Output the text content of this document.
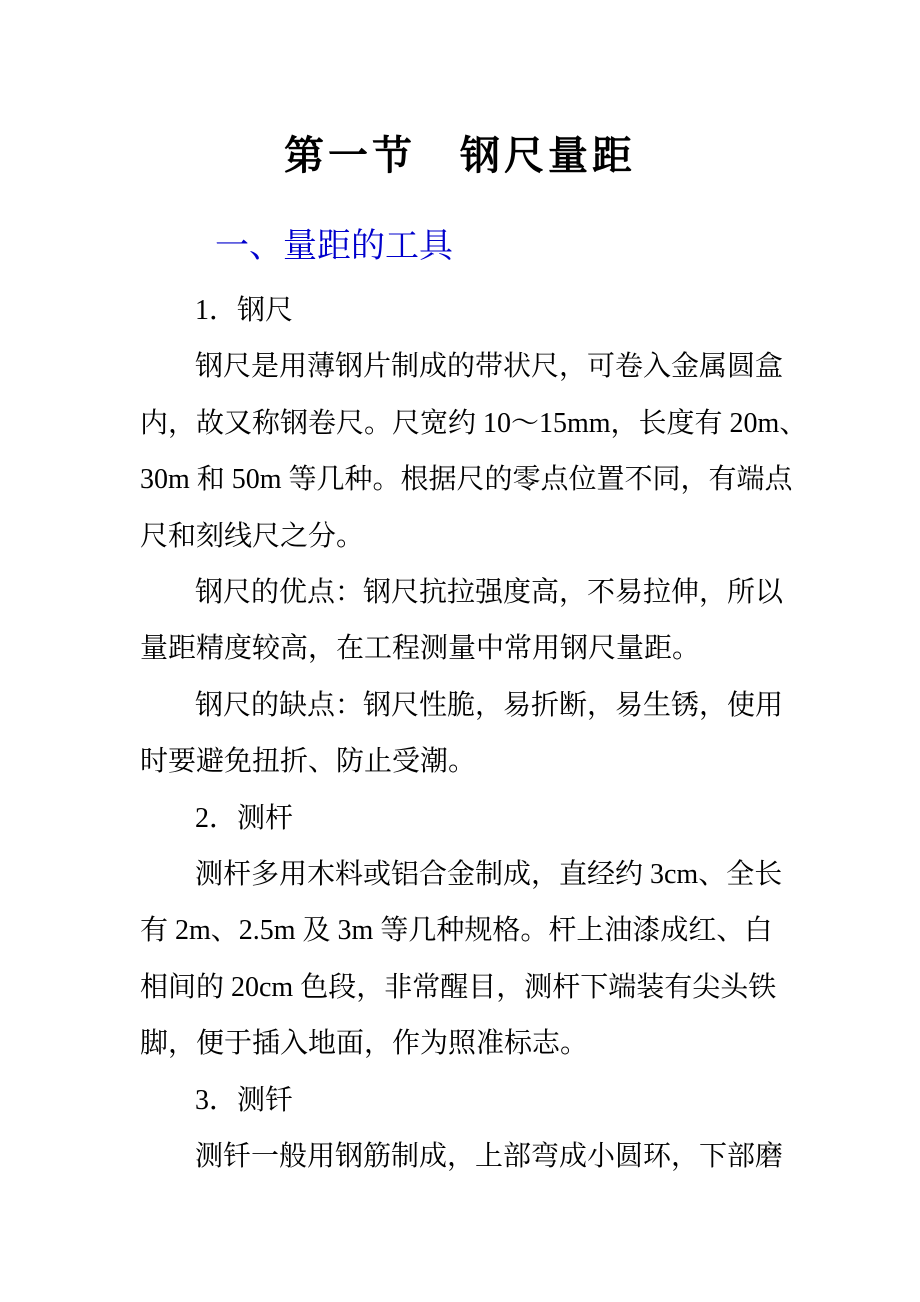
第一节　钢尺量距
一、量距的工具
1．钢尺
钢尺是用薄钢片制成的带状尺，可卷入金属圆盒
内，故又称钢卷尺。尺宽约 10～15mm，长度有 20m、
30m 和 50m 等几种。根据尺的零点位置不同，有端点
尺和刻线尺之分。
钢尺的优点：钢尺抗拉强度高，不易拉伸，所以
量距精度较高，在工程测量中常用钢尺量距。
钢尺的缺点：钢尺性脆，易折断，易生锈，使用
时要避免扭折、防止受潮。
2．测杆
测杆多用木料或铝合金制成，直经约 3cm、全长
有 2m、2.5m 及 3m 等几种规格。杆上油漆成红、白
相间的 20cm 色段，非常醒目，测杆下端装有尖头铁
脚，便于插入地面，作为照准标志。
3．测钎
测钎一般用钢筋制成，上部弯成小圆环，下部磨
